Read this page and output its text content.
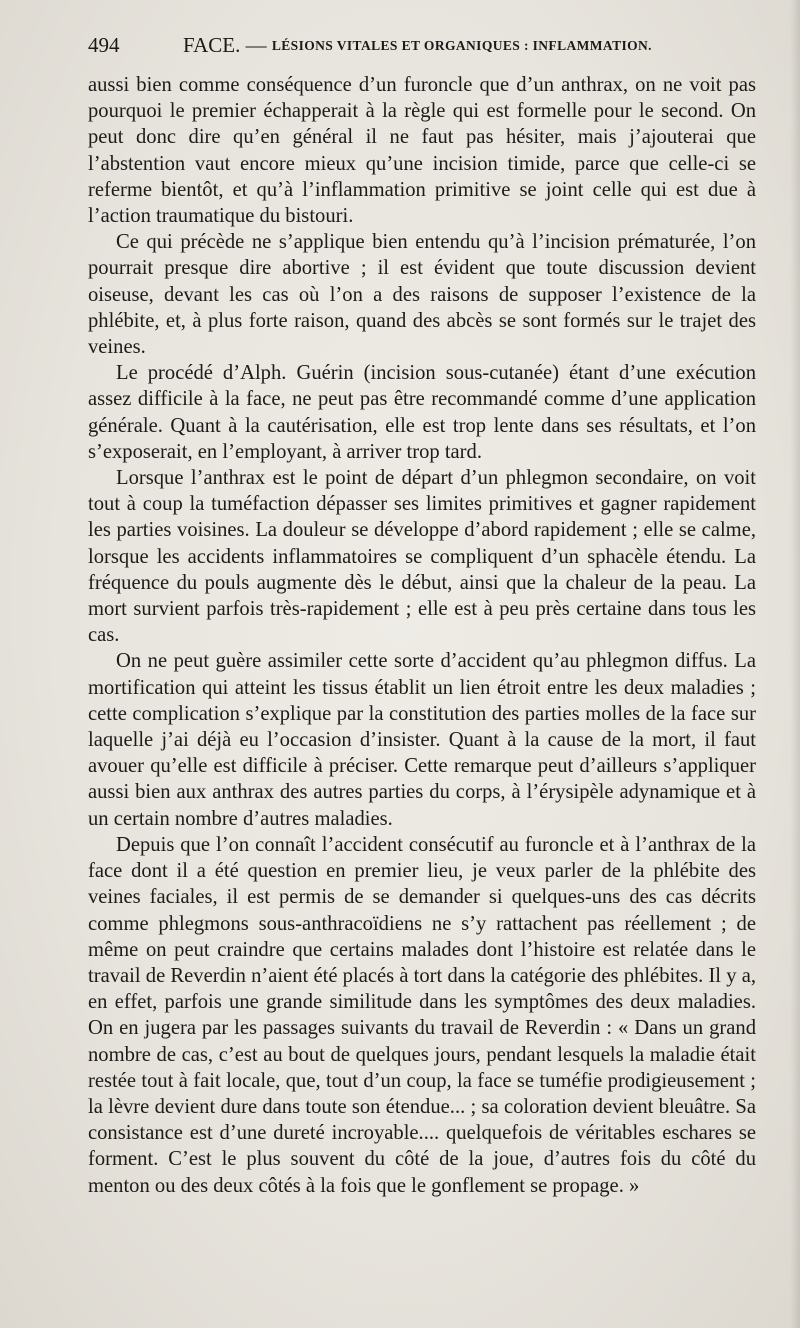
494	FACE. — LÉSIONS VITALES ET ORGANIQUES : INFLAMMATION.

aussi bien comme conséquence d’un furoncle que d’un anthrax, on ne voit pas pourquoi le premier échapperait à la règle qui est formelle pour le second. On peut donc dire qu’en général il ne faut pas hésiter, mais j’ajouterai que l’abstention vaut encore mieux qu’une incision timide, parce que celle-ci se referme bientôt, et qu’à l’inflammation primitive se joint celle qui est due à l’action traumatique du bistouri.

Ce qui précède ne s’applique bien entendu qu’à l’incision prématurée, l’on pourrait presque dire abortive ; il est évident que toute discussion devient oiseuse, devant les cas où l’on a des raisons de supposer l’existence de la phlébite, et, à plus forte raison, quand des abcès se sont formés sur le trajet des veines.

Le procédé d’Alph. Guérin (incision sous-cutanée) étant d’une exécution assez difficile à la face, ne peut pas être recommandé comme d’une application générale. Quant à la cautérisation, elle est trop lente dans ses résultats, et l’on s’exposerait, en l’employant, à arriver trop tard.

Lorsque l’anthrax est le point de départ d’un phlegmon secondaire, on voit tout à coup la tuméfaction dépasser ses limites primitives et gagner rapidement les parties voisines. La douleur se développe d’abord rapidement ; elle se calme, lorsque les accidents inflammatoires se compliquent d’un sphacèle étendu. La fréquence du pouls augmente dès le début, ainsi que la chaleur de la peau. La mort survient parfois très-rapidement ; elle est à peu près certaine dans tous les cas.

On ne peut guère assimiler cette sorte d’accident qu’au phlegmon diffus. La mortification qui atteint les tissus établit un lien étroit entre les deux maladies ; cette complication s’explique par la constitution des parties molles de la face sur laquelle j’ai déjà eu l’occasion d’insister. Quant à la cause de la mort, il faut avouer qu’elle est difficile à préciser. Cette remarque peut d’ailleurs s’appliquer aussi bien aux anthrax des autres parties du corps, à l’érysipèle adynamique et à un certain nombre d’autres maladies.

Depuis que l’on connaît l’accident consécutif au furoncle et à l’anthrax de la face dont il a été question en premier lieu, je veux parler de la phlébite des veines faciales, il est permis de se demander si quelques-uns des cas décrits comme phlegmons sous-anthracoïdiens ne s’y rattachent pas réellement ; de même on peut craindre que certains malades dont l’histoire est relatée dans le travail de Reverdin n’aient été placés à tort dans la catégorie des phlébites. Il y a, en effet, parfois une grande similitude dans les symptômes des deux maladies. On en jugera par les passages suivants du travail de Reverdin : « Dans un grand nombre de cas, c’est au bout de quelques jours, pendant lesquels la maladie était restée tout à fait locale, que, tout d’un coup, la face se tuméfie prodigieusement ; la lèvre devient dure dans toute son étendue... ; sa coloration devient bleuâtre. Sa consistance est d’une dureté incroyable.... quelquefois de véritables eschares se forment. C’est le plus souvent du côté de la joue, d’autres fois du côté du menton ou des deux côtés à la fois que le gonflement se propage. »
